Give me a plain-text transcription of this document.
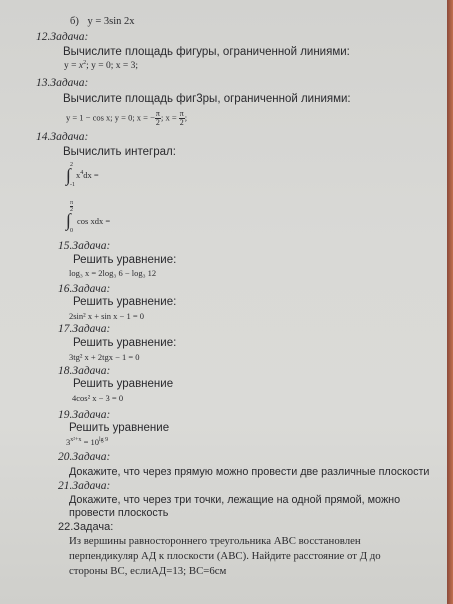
б) y = 3sin 2x
12.Задача:
Вычислите площадь фигуры, ограниченной линиями:
$y = x^2$; y = 0; x = 3;
13.Задача:
Вычислите площадь фиг3ры, ограниченной линиями:
y = 1 − cos x; y = 0; x = − $\frac{\pi}{2}$ ; $x = \frac{\pi}{2}$ ;
14.Задача:
Вычислить интеграл:
2
∫ -1
$x^4dx$ =
π
2
∫
0
cos xdx =
15.Задача:
Решить уравнение:
log₃ x = 2log₃ 6 − log₃ 12
16.Задача:
Решить уравнение:
2sin² x + sin x − 1 = 0
17.Задача:
Решить уравнение:
3tg² x + 2tgx − 1 = 0
18.Задача:
Решить уравнение
4cos² x − 3 = 0
19.Задача:
Решить уравнение
$3^{x^2+x} = 10^{lg 9}$
20.Задача:
Докажите, что через прямую можно провести две различные плоскости
21.Задача:
Докажите, что через три точки, лежащие на одной прямой, можно
провести плоскость
22.Задача:
Из вершины равностороннего треугольника АВС восстановлен
перпендикуляр АД к плоскости (АВС). Найдите расстояние от Д до
стороны ВС, еслиАД=13; ВС=6см
